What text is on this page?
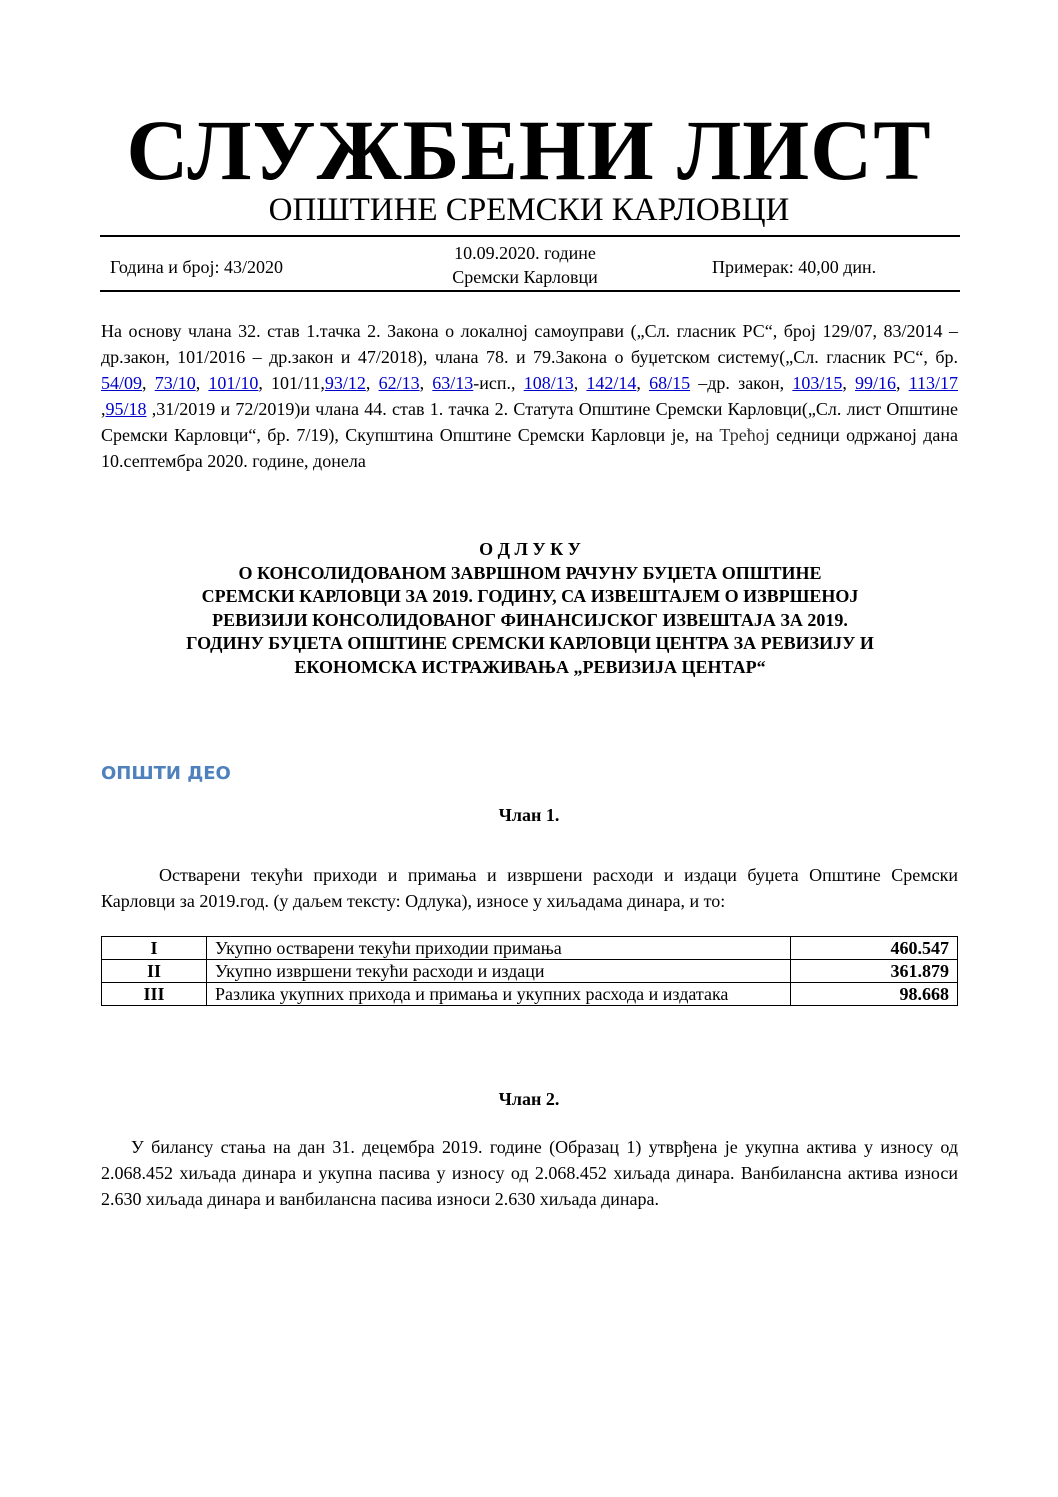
СЛУЖБЕНИ ЛИСТ
ОПШТИНЕ СРЕМСКИ КАРЛОВЦИ
Година и број: 43/2020
10.09.2020. године
Сремски Карловци	Примерак: 40,00 дин.
На основу члана 32. став 1.тачка 2. Закона о локалној самоуправи („Сл. гласник РС“, број 129/07, 83/2014 – др.закон, 101/2016 – др.закон и 47/2018), члана 78. и 79.Закона о буџетском систему(„Сл. гласник РС“, бр. 54/09, 73/10, 101/10, 101/11,93/12, 62/13, 63/13-исп., 108/13, 142/14, 68/15 –др. закон, 103/15, 99/16, 113/17 ,95/18 ,31/2019 и 72/2019)и члана 44. став 1. тачка 2. Статута Општине Сремски Карловци(„Сл. лист Општине Сремски Карловци“, бр. 7/19), Скупштина Општине Сремски Карловци је, на Трећој седници одржаној дана 10.септембра 2020. године, донела
О Д Л У К У
О КОНСОЛИДОВАНОМ ЗАВРШНОМ РАЧУНУ БУЏЕТА ОПШТИНЕ
СРЕМСКИ КАРЛОВЦИ ЗА 2019. ГОДИНУ, СА ИЗВЕШТАЈЕМ О ИЗВРШЕНОЈ
РЕВИЗИЈИ КОНСОЛИДОВАНОГ ФИНАНСИЈСКОГ ИЗВЕШТАЈА ЗА 2019.
ГОДИНУ БУЏЕТА ОПШТИНЕ СРЕМСКИ КАРЛОВЦИ ЦЕНТРА ЗА РЕВИЗИЈУ И
ЕКОНОМСКА ИСТРАЖИВАЊА „РЕВИЗИЈА ЦЕНТАР“
ОПШТИ ДЕО
Члан 1.
Остварени текући приходи и примања и извршени расходи и издаци буџета Општине Сремски Карловци за 2019.год. (у даљем тексту: Одлука), износе у хиљадама динара, и то:
I	Укупно остварени текући приходии примања	460.547
II	Укупно извршени текући расходи и издаци	361.879
III	Разлика укупних прихода и примања и укупних расхода и издатака	98.668
Члан 2.
У билансу стања на дан 31. децембра 2019. године (Образац 1) утврђена је укупна актива у износу од 2.068.452 хиљада динара и укупна пасива у износу од 2.068.452 хиљада динара. Ванбилансна актива износи 2.630 хиљада динара и ванбилансна пасива износи 2.630 хиљада динара.
